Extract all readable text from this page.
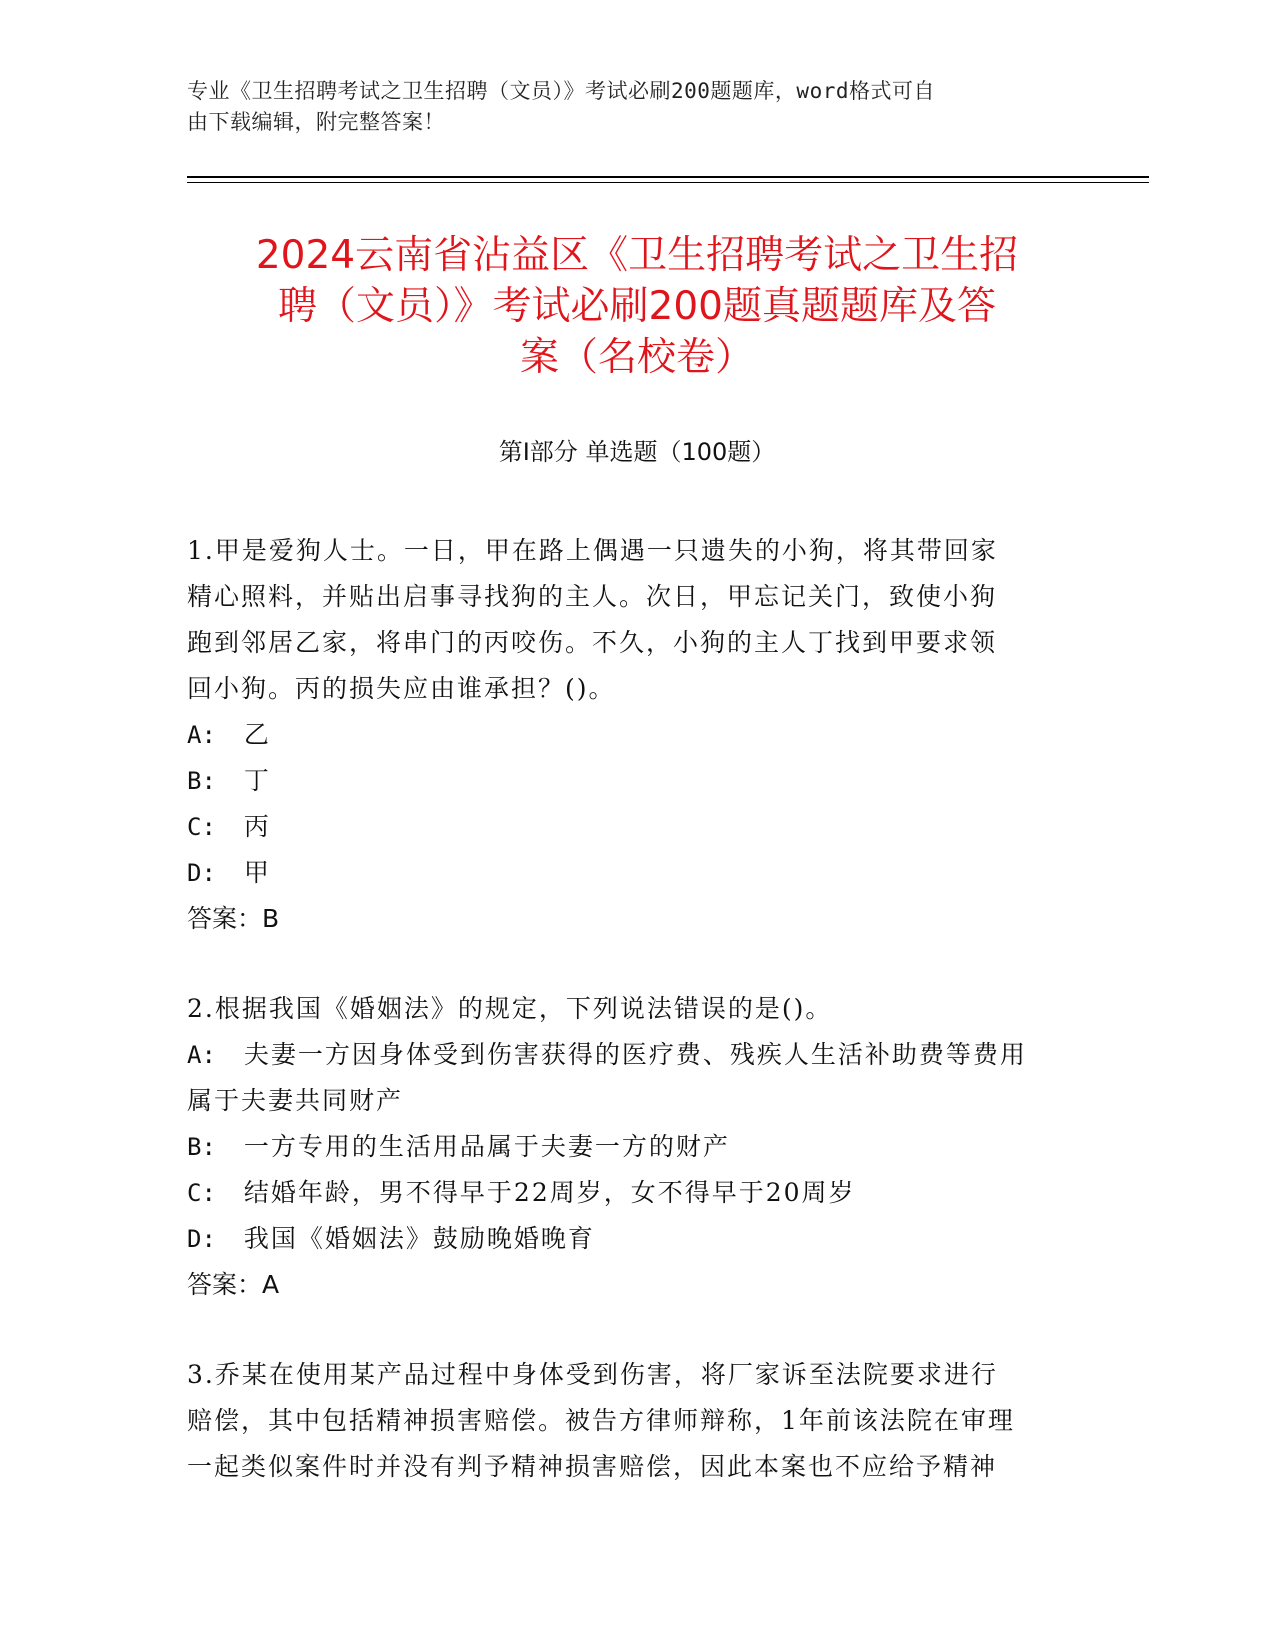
专业《卫生招聘考试之卫生招聘（文员）》考试必刷200题题库，word格式可自
由下载编辑，附完整答案！
2024云南省沾益区《卫生招聘考试之卫生招
聘（文员）》考试必刷200题真题题库及答
案（名校卷）
第Ⅰ部分 单选题（100题）
1.甲是爱狗人士。一日，甲在路上偶遇一只遗失的小狗，将其带回家
精心照料，并贴出启事寻找狗的主人。次日，甲忘记关门，致使小狗
跑到邻居乙家，将串门的丙咬伤。不久，小狗的主人丁找到甲要求领
回小狗。丙的损失应由谁承担？()。
A: 乙
B: 丁
C: 丙
D: 甲
答案：B
2.根据我国《婚姻法》的规定，下列说法错误的是()。
A: 夫妻一方因身体受到伤害获得的医疗费、残疾人生活补助费等费用
属于夫妻共同财产
B: 一方专用的生活用品属于夫妻一方的财产
C: 结婚年龄，男不得早于22周岁，女不得早于20周岁
D: 我国《婚姻法》鼓励晚婚晚育
答案：A
3.乔某在使用某产品过程中身体受到伤害，将厂家诉至法院要求进行
赔偿，其中包括精神损害赔偿。被告方律师辩称，1年前该法院在审理
一起类似案件时并没有判予精神损害赔偿，因此本案也不应给予精神
